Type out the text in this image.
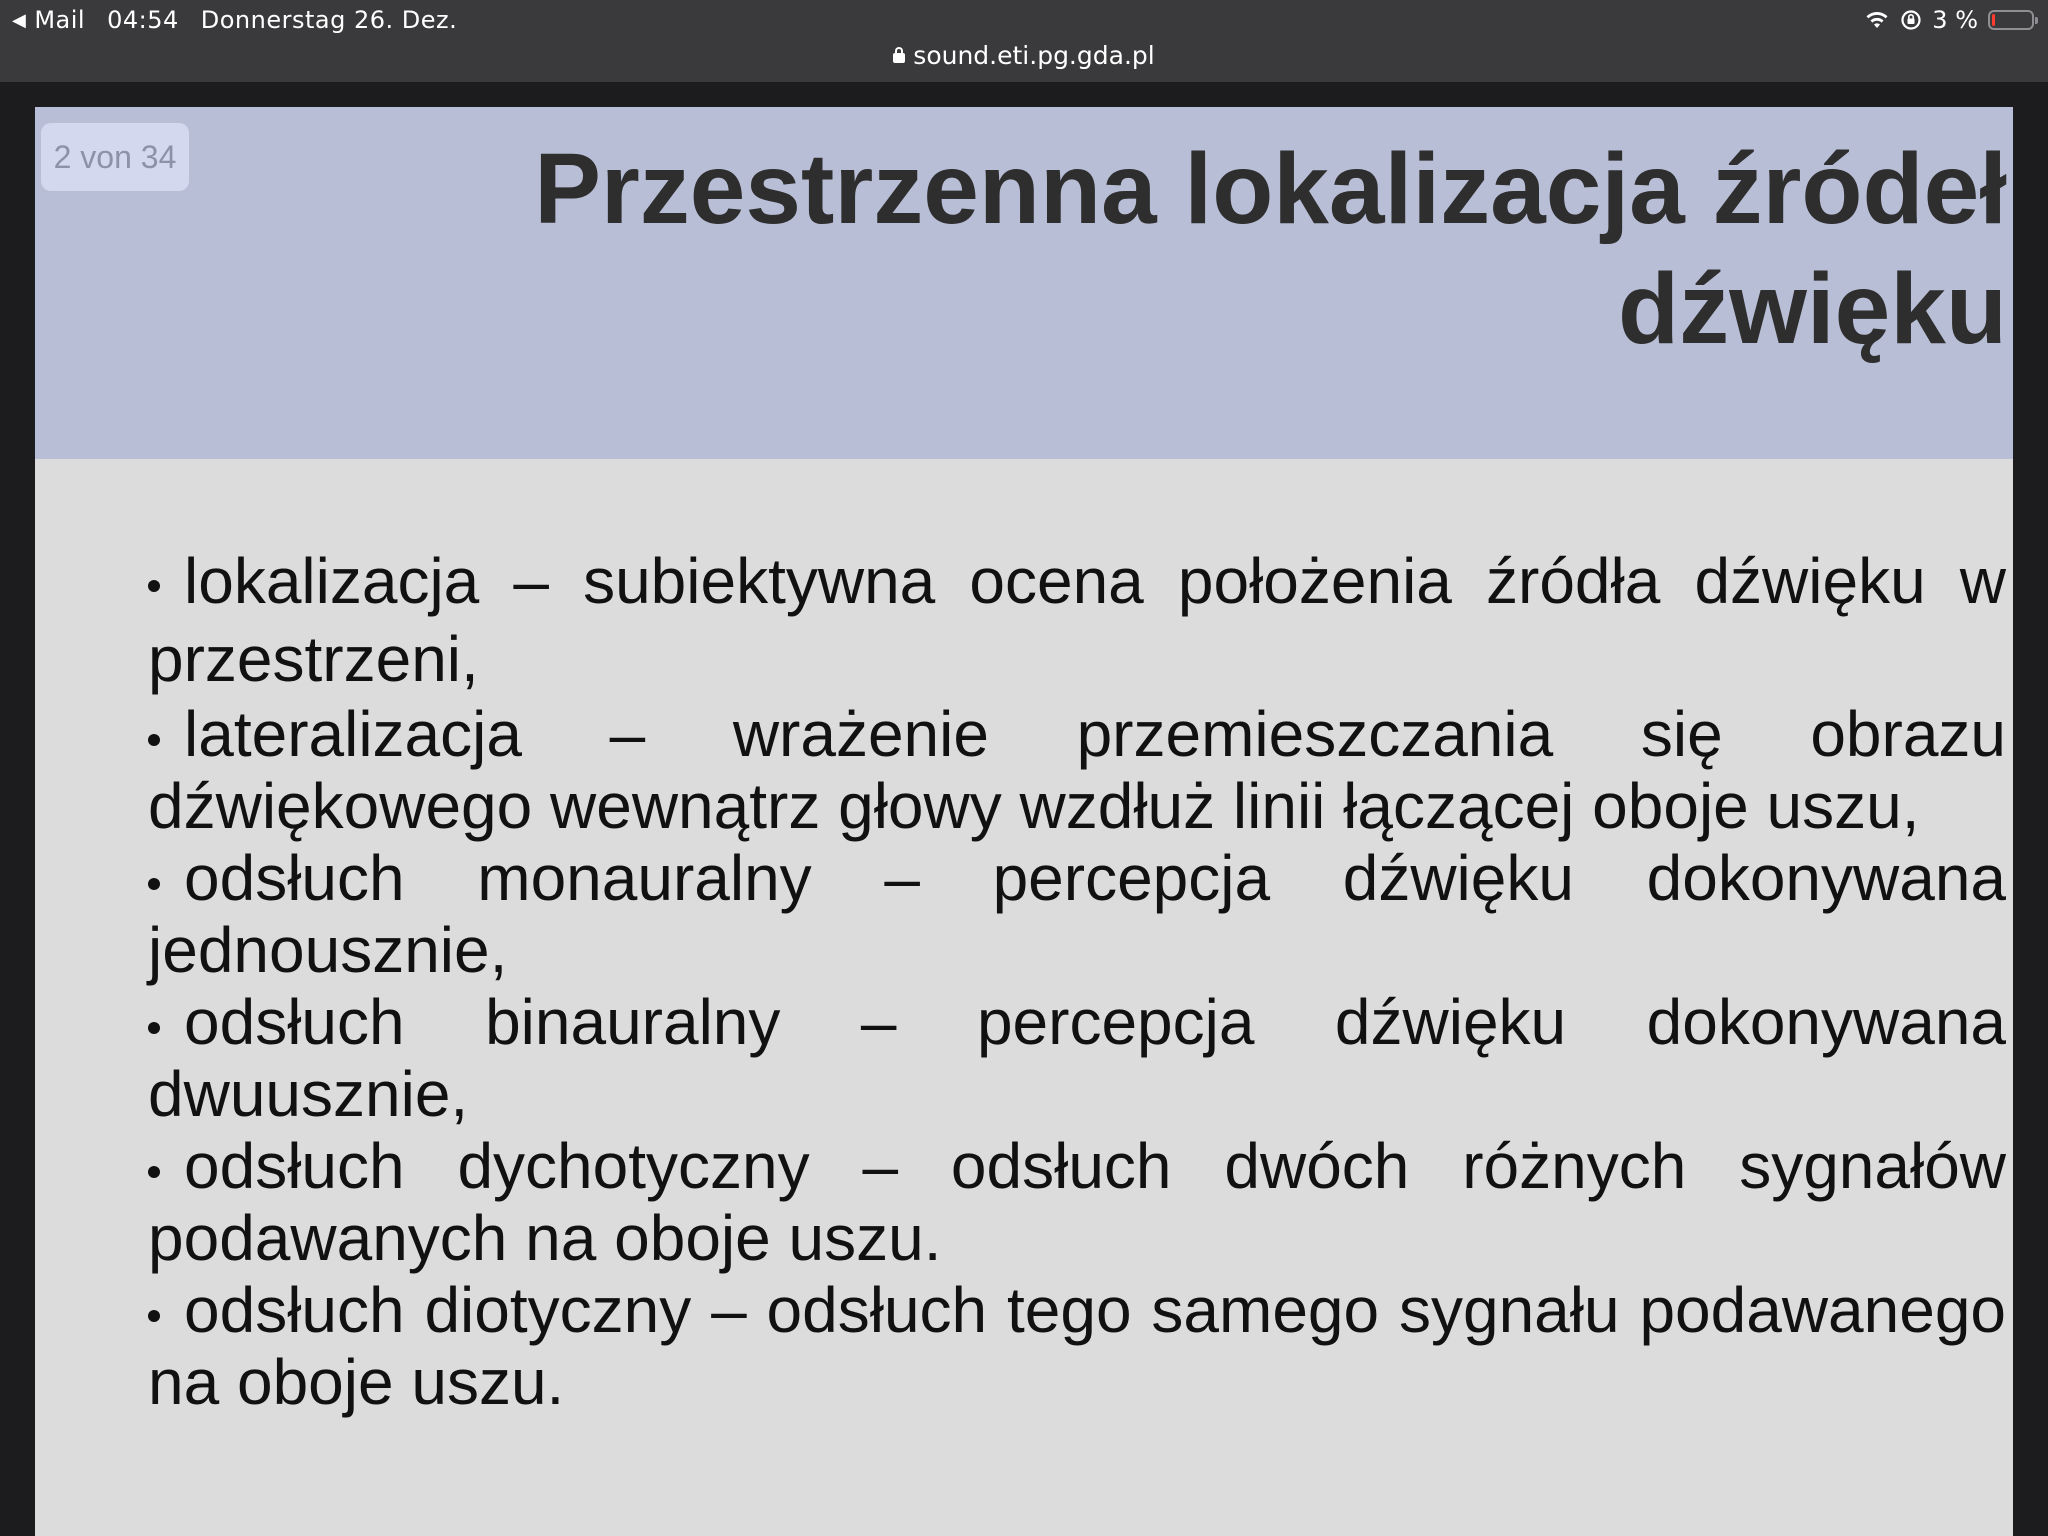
◀ Mail 04:54 Donnerstag 26. Dez.	3 %
sound.eti.pg.gda.pl
Przestrzenna lokalizacja źródeł
dźwięku
2 von 34
lokalizacja – subiektywna ocena położenia źródła dźwięku w przestrzeni,
lateralizacja – wrażenie przemieszczania się obrazu dźwiękowego wewnątrz głowy wzdłuż linii łączącej oboje uszu,
odsłuch monauralny – percepcja dźwięku dokonywana jednousznie,
odsłuch binauralny – percepcja dźwięku dokonywana dwuusznie,
odsłuch dychotyczny – odsłuch dwóch różnych sygnałów podawanych na oboje uszu.
odsłuch diotyczny – odsłuch tego samego sygnału podawanego na oboje uszu.
